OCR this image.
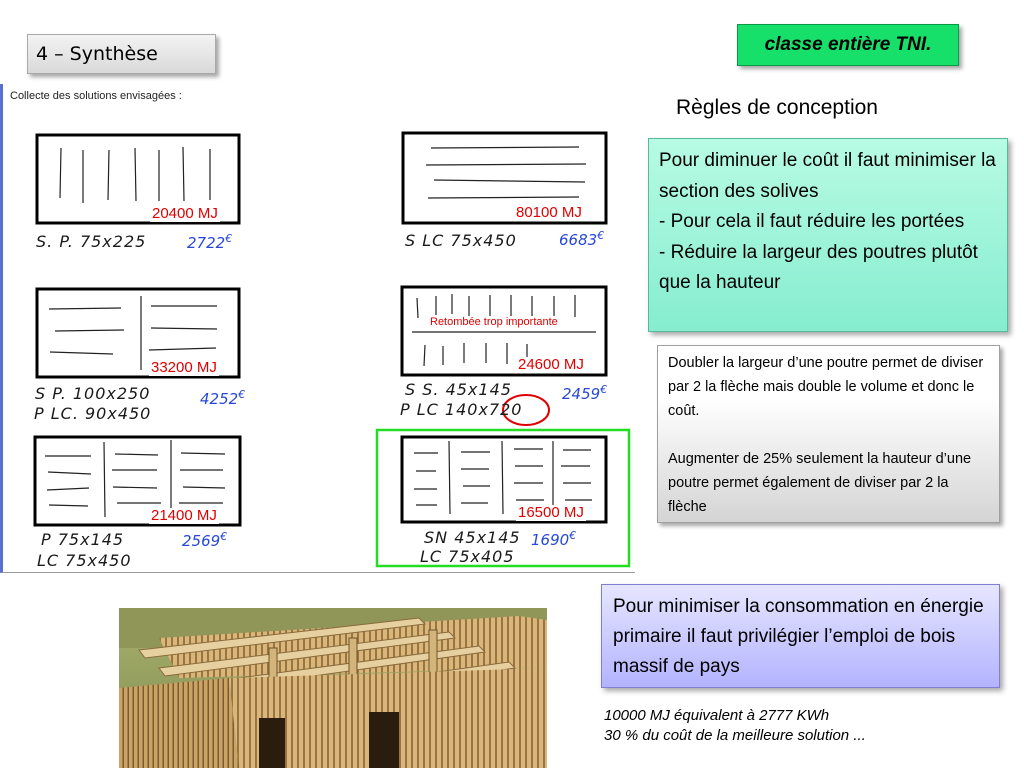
4 – Synthèse	classe entière TNI.
Collecte des solutions envisagées :
20400 MJ
S. P. 75x225	2722€
80100 MJ
S LC 75x450	6683€
33200 MJ
S P. 100x250
P LC. 90x450
4252€
Retombée trop importante
24600 MJ
S S. 45x145
P LC 140x720
2459€
21400 MJ
P 75x145
LC 75x450
2569€
16500 MJ
SN 45x145
LC 75x405
1690€
Règles de conception

Pour diminuer le coût il faut minimiser la section des solives

- Pour cela il faut réduire les portées

- Réduire la largeur des poutres plutôt que la hauteur

Doubler la largeur d’une poutre permet de diviser par 2 la flèche mais double le volume et donc le coût.

Augmenter de 25% seulement la hauteur d’une poutre permet également de diviser par 2 la flèche

Pour minimiser la consommation en énergie primaire il faut privilégier l’emploi de bois massif de pays
10000 MJ équivalent à 2777 KWh
30 % du coût de la meilleure solution ...
